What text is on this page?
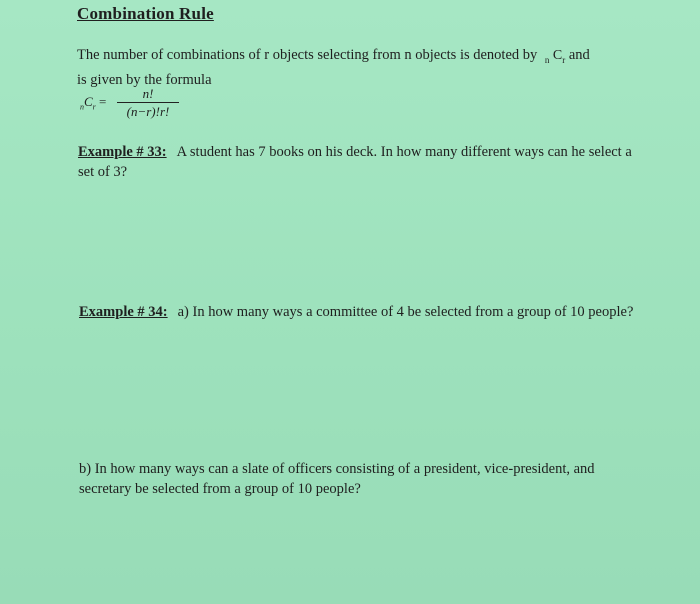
Combination Rule
The number of combinations of r objects selecting from n objects is denoted by $_n$ $C_r$ and
is given by the formula
$_nC_r = \frac{n!}{(n-r)!r!}$
Example # 33: A student has 7 books on his deck. In how many different ways can he select a set of 3?
Example # 34: a) In how many ways a committee of 4 be selected from a group of 10 people?
b) In how many ways can a slate of officers consisting of a president, vice-president, and secretary be selected from a group of 10 people?
